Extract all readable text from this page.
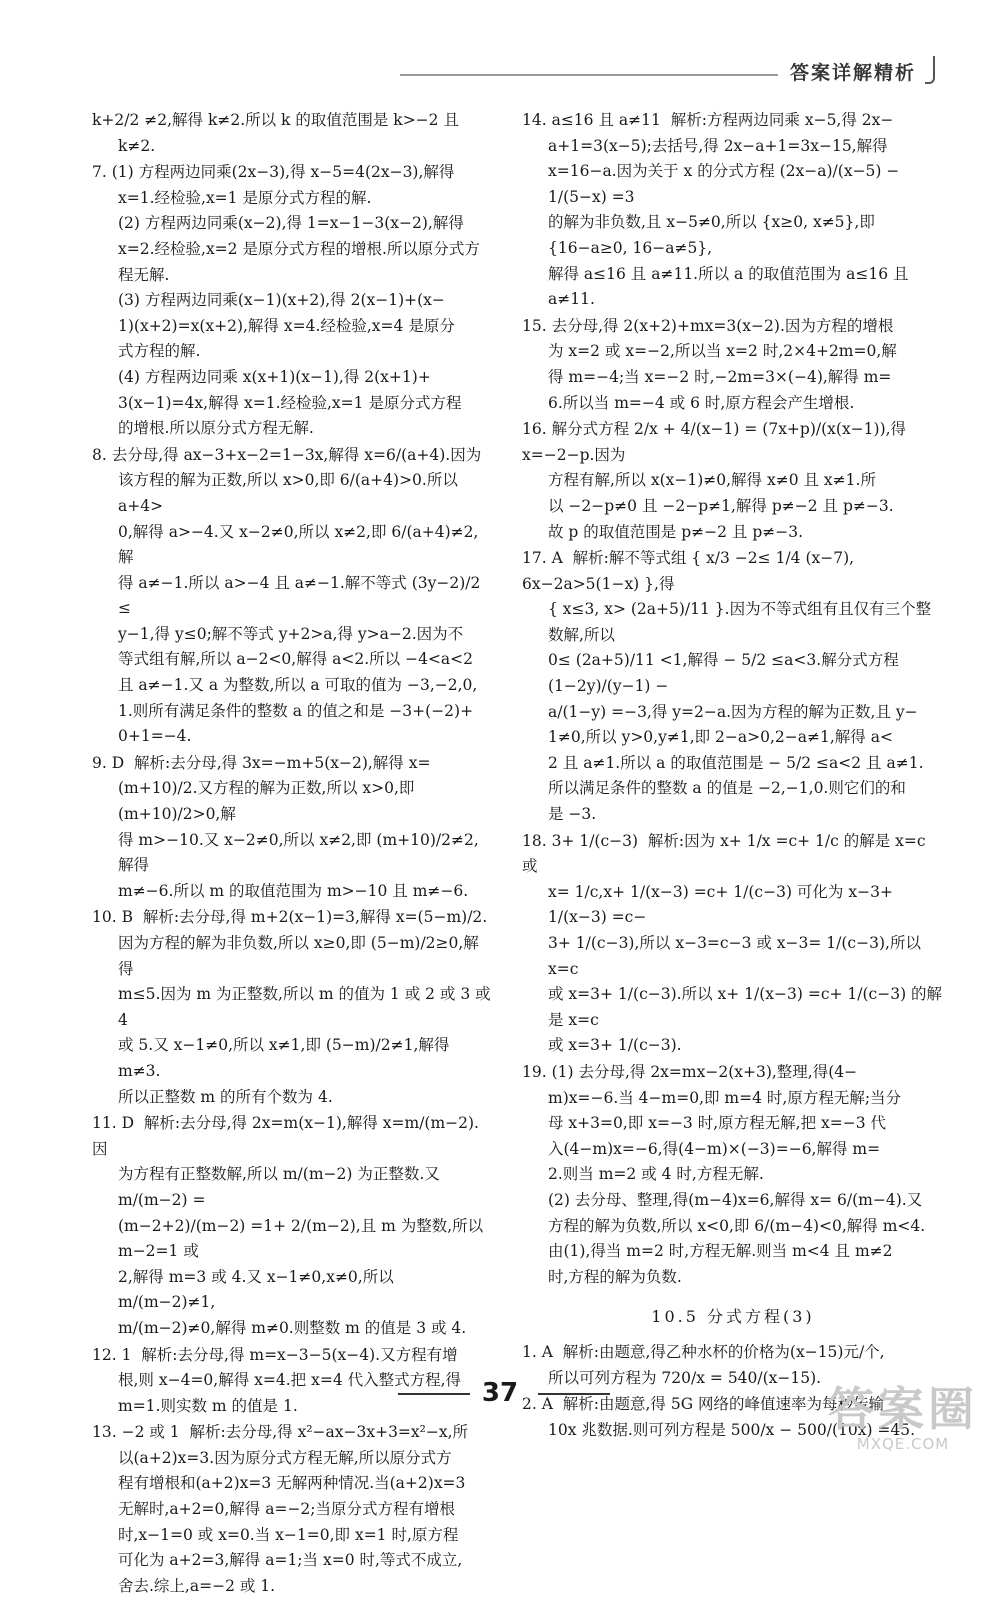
答案详解精析
k+2/2 ≠2,解得 k≠2.所以 k 的取值范围是 k>−2 且
k≠2.
7. (1) 方程两边同乘(2x−3),得 x−5=4(2x−3),解得
x=1.经检验,x=1 是原分式方程的解.
(2) 方程两边同乘(x−2),得 1=x−1−3(x−2),解得
x=2.经检验,x=2 是原分式方程的增根.所以原分式方
程无解.
(3) 方程两边同乘(x−1)(x+2),得 2(x−1)+(x−
1)(x+2)=x(x+2),解得 x=4.经检验,x=4 是原分
式方程的解.
(4) 方程两边同乘 x(x+1)(x−1),得 2(x+1)+
3(x−1)=4x,解得 x=1.经检验,x=1 是原分式方程
的增根.所以原分式方程无解.
8. 去分母,得 ax−3+x−2=1−3x,解得 x=6/(a+4).因为
该方程的解为正数,所以 x>0,即 6/(a+4)>0.所以 a+4>
0,解得 a>−4.又 x−2≠0,所以 x≠2,即 6/(a+4)≠2,解
得 a≠−1.所以 a>−4 且 a≠−1.解不等式 (3y−2)/2 ≤
y−1,得 y≤0;解不等式 y+2>a,得 y>a−2.因为不
等式组有解,所以 a−2<0,解得 a<2.所以 −4<a<2
且 a≠−1.又 a 为整数,所以 a 可取的值为 −3,−2,0,
1.则所有满足条件的整数 a 的值之和是 −3+(−2)+
0+1=−4.
9. D  解析:去分母,得 3x=−m+5(x−2),解得 x=
(m+10)/2.又方程的解为正数,所以 x>0,即 (m+10)/2>0,解
得 m>−10.又 x−2≠0,所以 x≠2,即 (m+10)/2≠2,解得
m≠−6.所以 m 的取值范围为 m>−10 且 m≠−6.
10. B  解析:去分母,得 m+2(x−1)=3,解得 x=(5−m)/2.
因为方程的解为非负数,所以 x≥0,即 (5−m)/2≥0,解得
m≤5.因为 m 为正整数,所以 m 的值为 1 或 2 或 3 或 4
或 5.又 x−1≠0,所以 x≠1,即 (5−m)/2≠1,解得 m≠3.
所以正整数 m 的所有个数为 4.
11. D  解析:去分母,得 2x=m(x−1),解得 x=m/(m−2).因
为方程有正整数解,所以 m/(m−2) 为正整数.又 m/(m−2) =
(m−2+2)/(m−2) =1+ 2/(m−2),且 m 为整数,所以 m−2=1 或
2,解得 m=3 或 4.又 x−1≠0,x≠0,所以 m/(m−2)≠1,
m/(m−2)≠0,解得 m≠0.则整数 m 的值是 3 或 4.
12. 1  解析:去分母,得 m=x−3−5(x−4).又方程有增
根,则 x−4=0,解得 x=4.把 x=4 代入整式方程,得
m=1.则实数 m 的值是 1.
13. −2 或 1  解析:去分母,得 x²−ax−3x+3=x²−x,所
以(a+2)x=3.因为原分式方程无解,所以原分式方
程有增根和(a+2)x=3 无解两种情况.当(a+2)x=3
无解时,a+2=0,解得 a=−2;当原分式方程有增根
时,x−1=0 或 x=0.当 x−1=0,即 x=1 时,原方程
可化为 a+2=3,解得 a=1;当 x=0 时,等式不成立,
舍去.综上,a=−2 或 1.
14. a≤16 且 a≠11  解析:方程两边同乘 x−5,得 2x−
a+1=3(x−5);去括号,得 2x−a+1=3x−15,解得
x=16−a.因为关于 x 的分式方程 (2x−a)/(x−5) − 1/(5−x) =3
的解为非负数,且 x−5≠0,所以 {x≥0, x≠5},即 {16−a≥0, 16−a≠5},
解得 a≤16 且 a≠11.所以 a 的取值范围为 a≤16 且
a≠11.
15. 去分母,得 2(x+2)+mx=3(x−2).因为方程的增根
为 x=2 或 x=−2,所以当 x=2 时,2×4+2m=0,解
得 m=−4;当 x=−2 时,−2m=3×(−4),解得 m=
6.所以当 m=−4 或 6 时,原方程会产生增根.
16. 解分式方程 2/x + 4/(x−1) = (7x+p)/(x(x−1)),得 x=−2−p.因为
方程有解,所以 x(x−1)≠0,解得 x≠0 且 x≠1.所
以 −2−p≠0 且 −2−p≠1,解得 p≠−2 且 p≠−3.
故 p 的取值范围是 p≠−2 且 p≠−3.
17. A  解析:解不等式组 { x/3 −2≤ 1/4 (x−7), 6x−2a>5(1−x) },得
{ x≤3, x> (2a+5)/11 }.因为不等式组有且仅有三个整数解,所以
0≤ (2a+5)/11 <1,解得 − 5/2 ≤a<3.解分式方程 (1−2y)/(y−1) −
a/(1−y) =−3,得 y=2−a.因为方程的解为正数,且 y−
1≠0,所以 y>0,y≠1,即 2−a>0,2−a≠1,解得 a<
2 且 a≠1.所以 a 的取值范围是 − 5/2 ≤a<2 且 a≠1.
所以满足条件的整数 a 的值是 −2,−1,0.则它们的和
是 −3.
18. 3+ 1/(c−3)  解析:因为 x+ 1/x =c+ 1/c 的解是 x=c 或
x= 1/c,x+ 1/(x−3) =c+ 1/(c−3) 可化为 x−3+ 1/(x−3) =c−
3+ 1/(c−3),所以 x−3=c−3 或 x−3= 1/(c−3),所以 x=c
或 x=3+ 1/(c−3).所以 x+ 1/(x−3) =c+ 1/(c−3) 的解是 x=c
或 x=3+ 1/(c−3).
19. (1) 去分母,得 2x=mx−2(x+3),整理,得(4−
m)x=−6.当 4−m=0,即 m=4 时,原方程无解;当分
母 x+3=0,即 x=−3 时,原方程无解,把 x=−3 代
入(4−m)x=−6,得(4−m)×(−3)=−6,解得 m=
2.则当 m=2 或 4 时,方程无解.
(2) 去分母、整理,得(m−4)x=6,解得 x= 6/(m−4).又
方程的解为负数,所以 x<0,即 6/(m−4)<0,解得 m<4.
由(1),得当 m=2 时,方程无解.则当 m<4 且 m≠2
时,方程的解为负数.
10.5 分式方程(3)
1. A  解析:由题意,得乙种水杯的价格为(x−15)元/个,
所以可列方程为 720/x = 540/(x−15).
2. A  解析:由题意,得 5G 网络的峰值速率为每秒传输
10x 兆数据.则可列方程是 500/x − 500/(10x) =45.
37	答案圈
MXQE.COM
